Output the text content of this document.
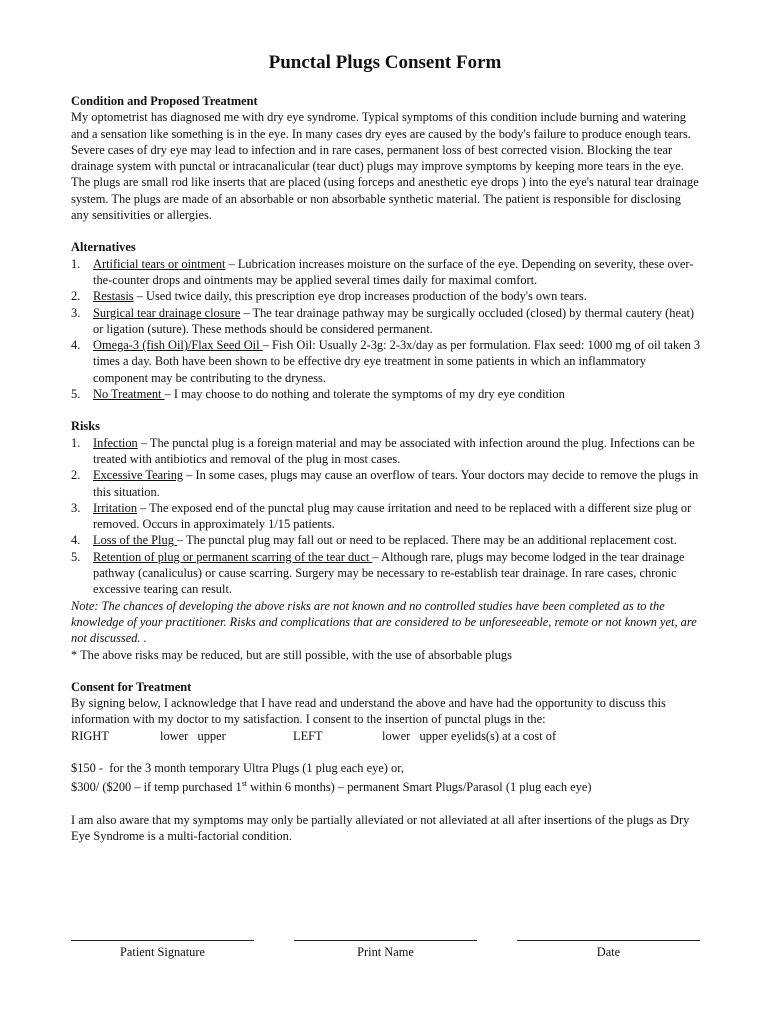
Punctal Plugs Consent Form

Condition and Proposed Treatment

My optometrist has diagnosed me with dry eye syndrome. Typical symptoms of this condition include burning and watering and a sensation like something is in the eye. In many cases dry eyes are caused by the body's failure to produce enough tears. Severe cases of dry eye may lead to infection and in rare cases, permanent loss of best corrected vision. Blocking the tear drainage system with punctal or intracanalicular (tear duct) plugs may improve symptoms by keeping more tears in the eye. The plugs are small rod like inserts that are placed (using forceps and anesthetic eye drops ) into the eye's natural tear drainage system. The plugs are made of an absorbable or non absorbable synthetic material. The patient is responsible for disclosing any sensitivities or allergies.

Alternatives

1. Artificial tears or ointment – Lubrication increases moisture on the surface of the eye. Depending on severity, these over-the-counter drops and ointments may be applied several times daily for maximal comfort.
2. Restasis – Used twice daily, this prescription eye drop increases production of the body's own tears.
3. Surgical tear drainage closure – The tear drainage pathway may be surgically occluded (closed) by thermal cautery (heat) or ligation (suture). These methods should be considered permanent.
4. Omega-3 (fish Oil)/Flax Seed Oil – Fish Oil: Usually 2-3g: 2-3x/day as per formulation. Flax seed: 1000 mg of oil taken 3 times a day. Both have been shown to be effective dry eye treatment in some patients in which an inflammatory component may be contributing to the dryness.
5. No Treatment – I may choose to do nothing and tolerate the symptoms of my dry eye condition

Risks

1. Infection – The punctal plug is a foreign material and may be associated with infection around the plug. Infections can be treated with antibiotics and removal of the plug in most cases.
2. Excessive Tearing – In some cases, plugs may cause an overflow of tears. Your doctors may decide to remove the plugs in this situation.
3. Irritation – The exposed end of the punctal plug may cause irritation and need to be replaced with a different size plug or removed. Occurs in approximately 1/15 patients.
4. Loss of the Plug – The punctal plug may fall out or need to be replaced. There may be an additional replacement cost.
5. Retention of plug or permanent scarring of the tear duct – Although rare, plugs may become lodged in the tear drainage pathway (canaliculus) or cause scarring. Surgery may be necessary to re-establish tear drainage. In rare cases, chronic excessive tearing can result.

Note: The chances of developing the above risks are not known and no controlled studies have been completed as to the knowledge of your practitioner. Risks and complications that are considered to be unforeseeable, remote or not known yet, are not discussed. .

* The above risks may be reduced, but are still possible, with the use of absorbable plugs

Consent for Treatment

By signing below, I acknowledge that I have read and understand the above and have had the opportunity to discuss this information with my doctor to my satisfaction. I consent to the insertion of punctal plugs in the:

RIGHT	lower   upper	LEFT	lower   upper eyelids(s) at a cost of

$150 -  for the 3 month temporary Ultra Plugs (1 plug each eye) or,

$300/ ($200 – if temp purchased 1st within 6 months) – permanent Smart Plugs/Parasol (1 plug each eye)

I am also aware that my symptoms may only be partially alleviated or not alleviated at all after insertions of the plugs as Dry Eye Syndrome is a multi-factorial condition.

Patient Signature	Print Name	Date
